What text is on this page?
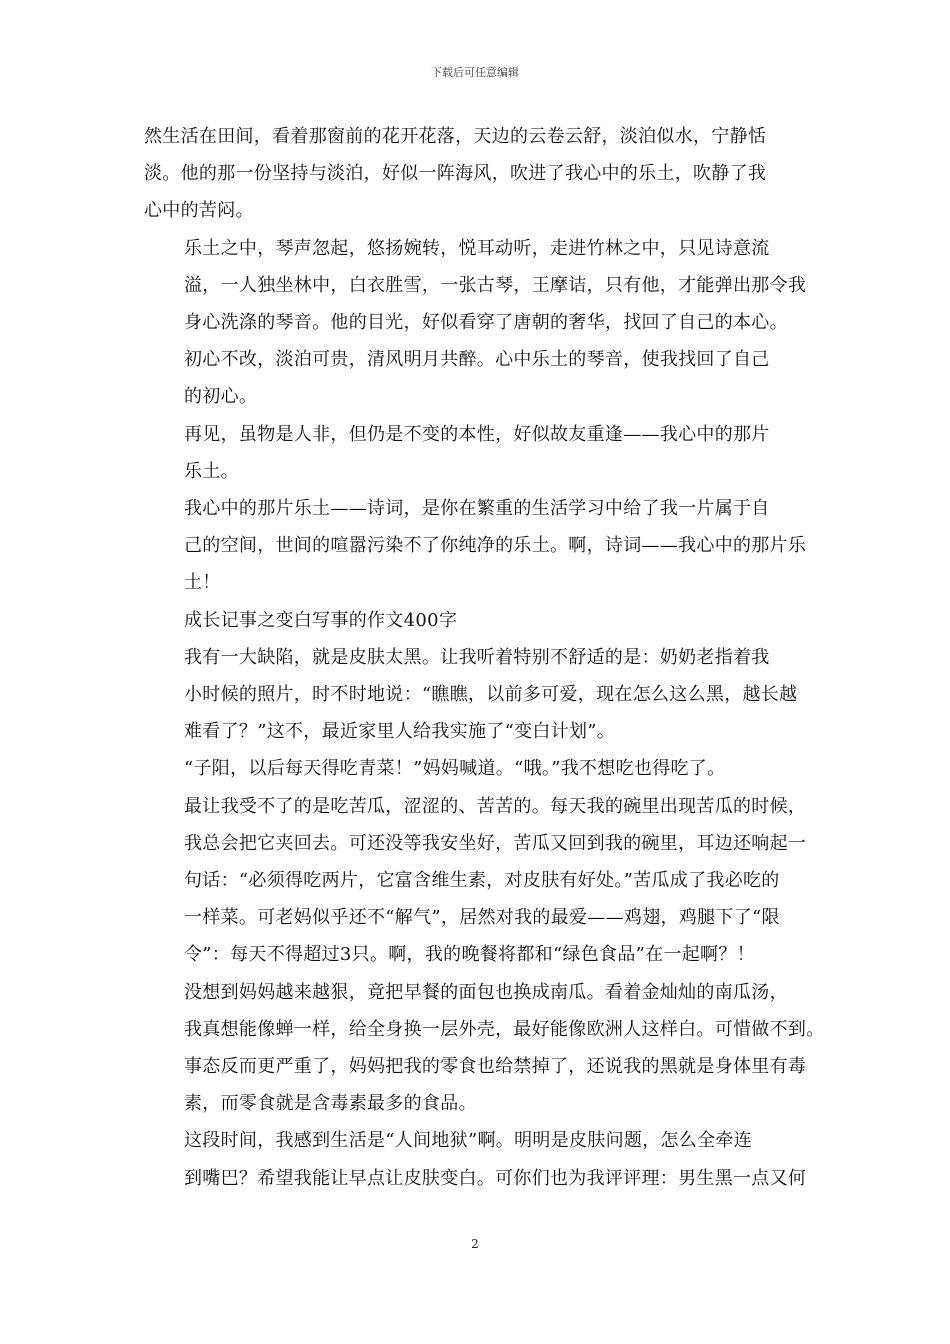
下载后可任意编辑

然生活在田间，看着那窗前的花开花落，天边的云卷云舒，淡泊似水，宁静恬
淡。他的那一份坚持与淡泊，好似一阵海风，吹进了我心中的乐土，吹静了我
心中的苦闷。

乐土之中，琴声忽起，悠扬婉转，悦耳动听，走进竹林之中，只见诗意流
溢，一人独坐林中，白衣胜雪，一张古琴，王摩诘，只有他，才能弹出那令我
身心洗涤的琴音。他的目光，好似看穿了唐朝的奢华，找回了自己的本心。

初心不改，淡泊可贵，清风明月共醉。心中乐土的琴音，使我找回了自己
的初心。

再见，虽物是人非，但仍是不变的本性，好似故友重逢——我心中的那片
乐土。

我心中的那片乐土——诗词，是你在繁重的生活学习中给了我一片属于自
己的空间，世间的喧嚣污染不了你纯净的乐土。啊，诗词——我心中的那片乐
土！

成长记事之变白写事的作文400字

我有一大缺陷，就是皮肤太黑。让我听着特别不舒适的是：奶奶老指着我
小时候的照片，时不时地说：“瞧瞧，以前多可爱，现在怎么这么黑，越长越
难看了？”这不，最近家里人给我实施了“变白计划”。

“子阳，以后每天得吃青菜！”妈妈喊道。“哦。”我不想吃也得吃了。
最让我受不了的是吃苦瓜，涩涩的、苦苦的。每天我的碗里出现苦瓜的时候，
我总会把它夹回去。可还没等我安坐好，苦瓜又回到我的碗里，耳边还响起一
句话：“必须得吃两片，它富含维生素，对皮肤有好处。”苦瓜成了我必吃的
一样菜。可老妈似乎还不“解气”，居然对我的最爱——鸡翅，鸡腿下了“限
令”：每天不得超过3只。啊，我的晚餐将都和“绿色食品”在一起啊？！

没想到妈妈越来越狠，竟把早餐的面包也换成南瓜。看着金灿灿的南瓜汤，
我真想能像蝉一样，给全身换一层外壳，最好能像欧洲人这样白。可惜做不到。
事态反而更严重了，妈妈把我的零食也给禁掉了，还说我的黑就是身体里有毒
素，而零食就是含毒素最多的食品。

这段时间，我感到生活是“人间地狱”啊。明明是皮肤问题，怎么全牵连
到嘴巴？希望我能让早点让皮肤变白。可你们也为我评评理：男生黑一点又何

2
